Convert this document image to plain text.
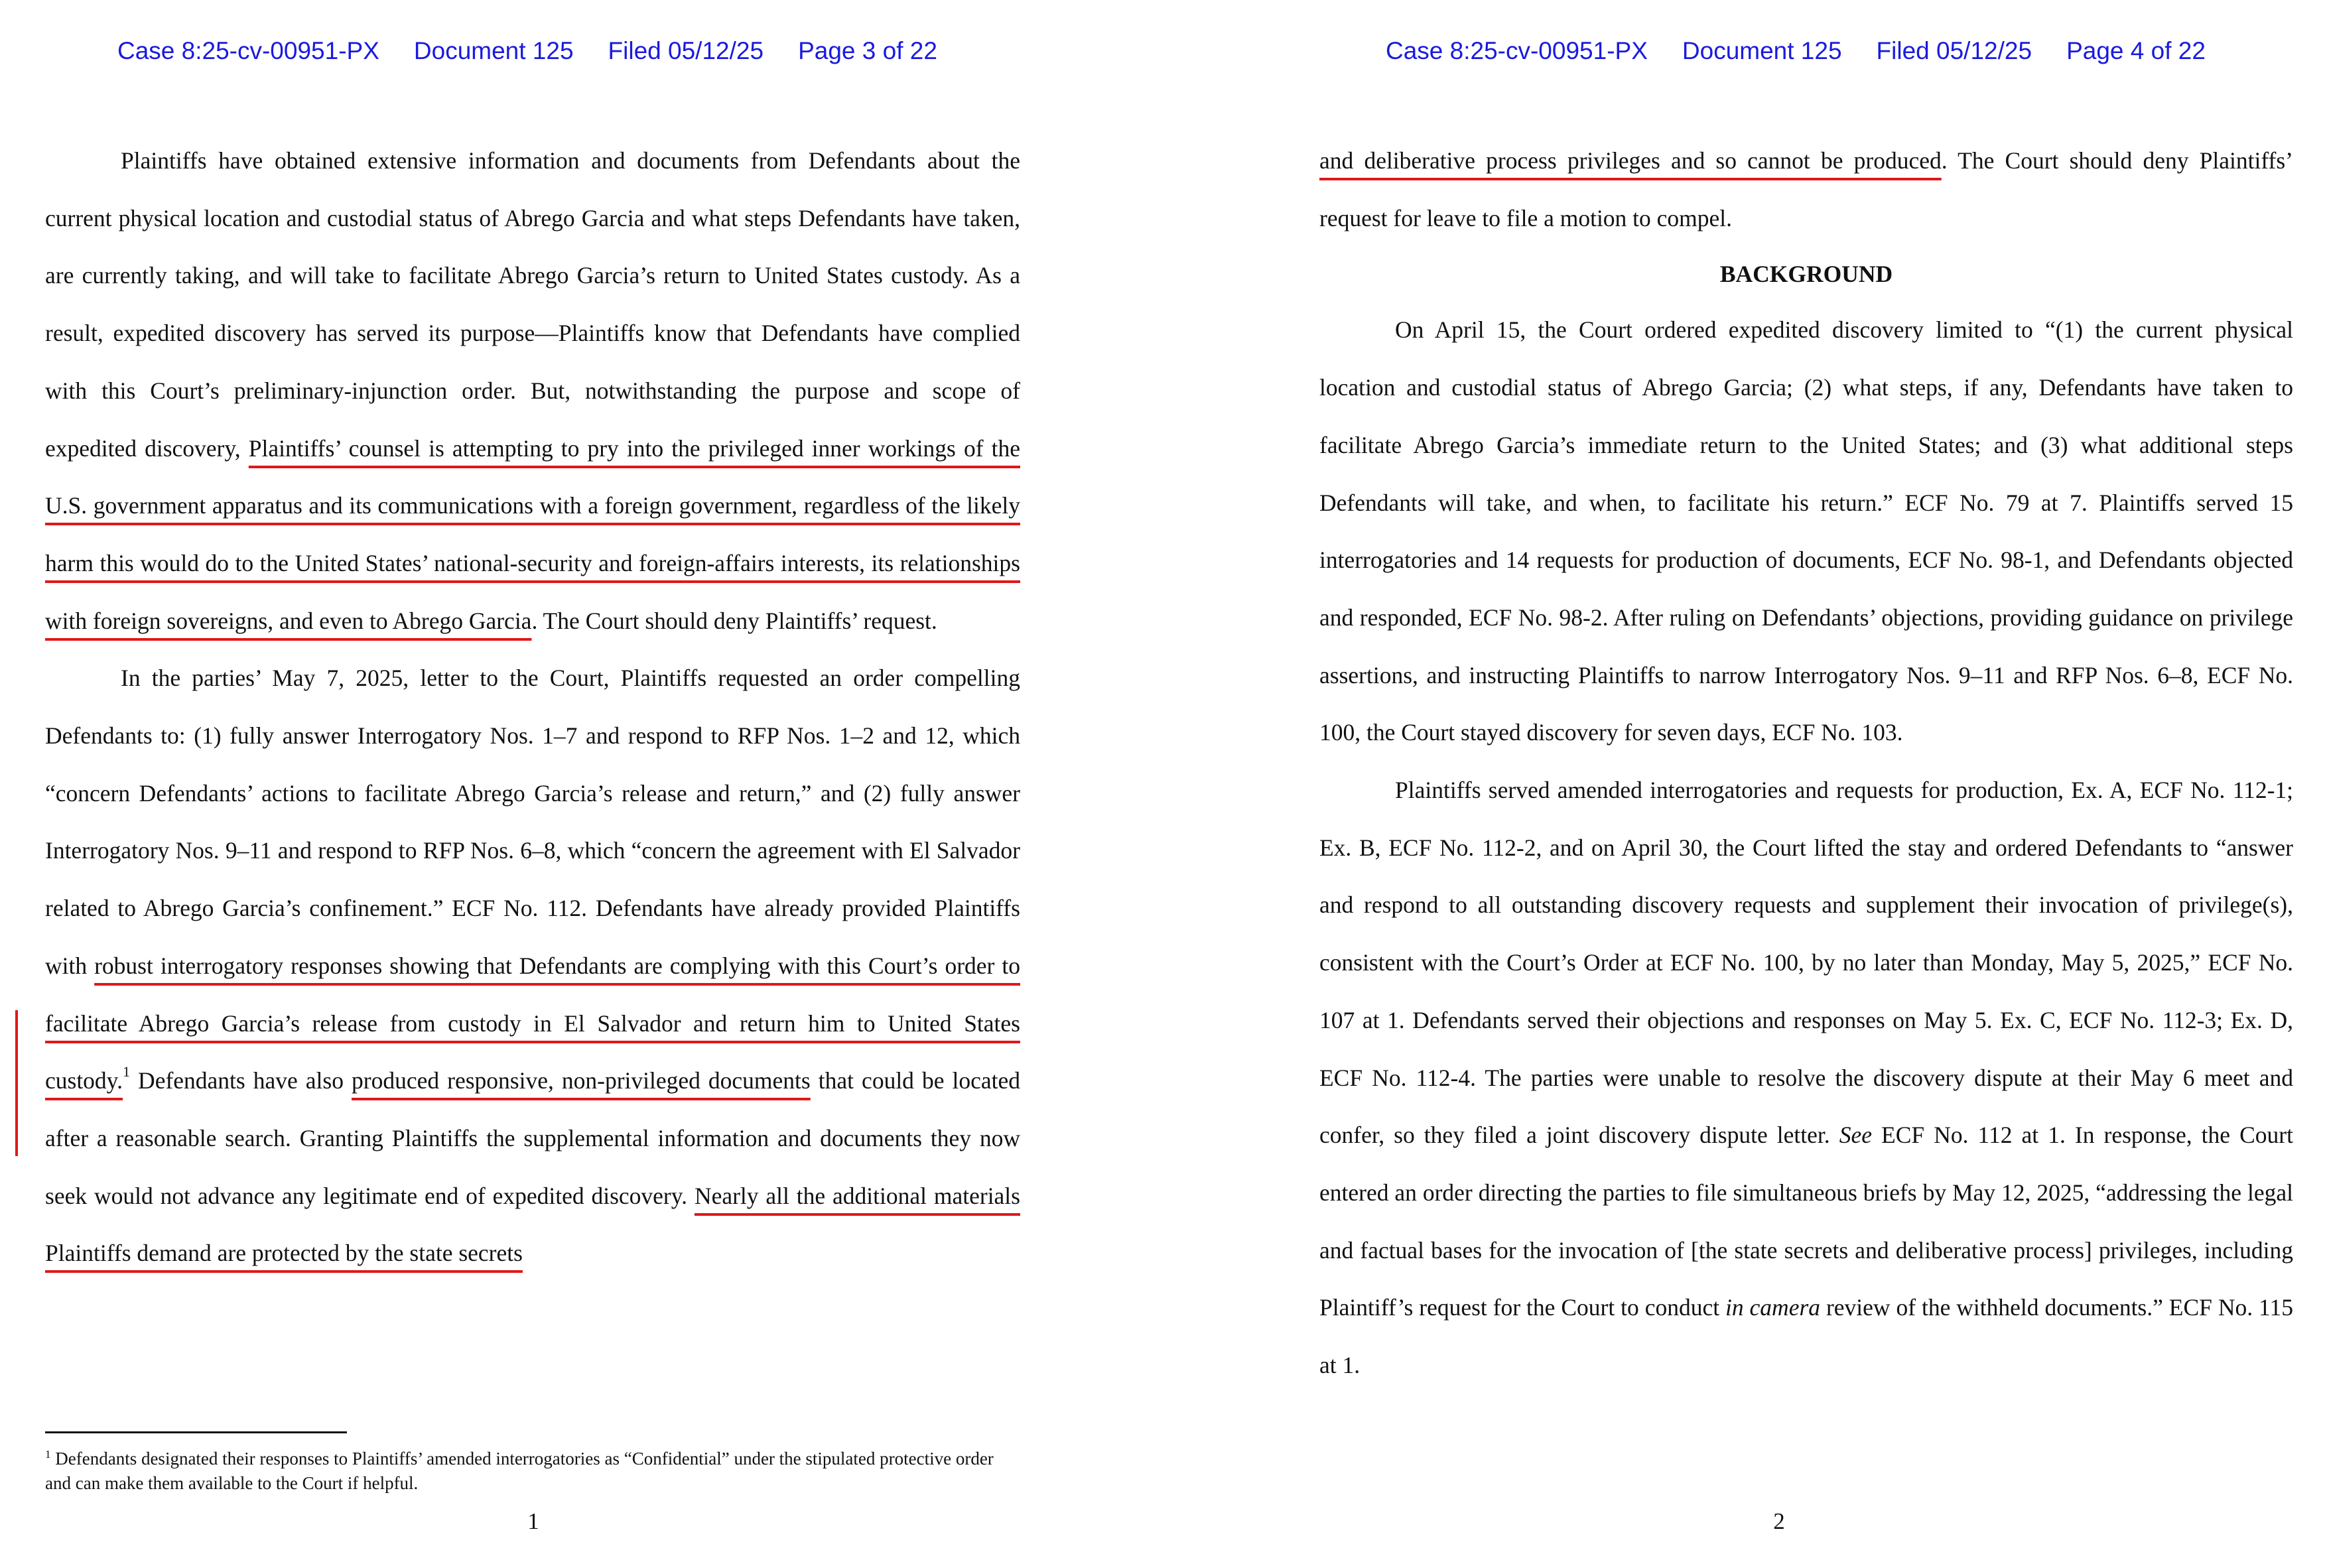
Case 8:25-cv-00951-PX Document 125 Filed 05/12/25 Page 3 of 22

Plaintiffs have obtained extensive information and documents from Defendants about the current physical location and custodial status of Abrego Garcia and what steps Defendants have taken, are currently taking, and will take to facilitate Abrego Garcia’s return to United States custody. As a result, expedited discovery has served its purpose—Plaintiffs know that Defendants have complied with this Court’s preliminary-injunction order. But, notwithstanding the purpose and scope of expedited discovery, Plaintiffs’ counsel is attempting to pry into the privileged inner workings of the U.S. government apparatus and its communications with a foreign government, regardless of the likely harm this would do to the United States’ national-security and foreign-affairs interests, its relationships with foreign sovereigns, and even to Abrego Garcia. The Court should deny Plaintiffs’ request.

In the parties’ May 7, 2025, letter to the Court, Plaintiffs requested an order compelling Defendants to: (1) fully answer Interrogatory Nos. 1–7 and respond to RFP Nos. 1–2 and 12, which “concern Defendants’ actions to facilitate Abrego Garcia’s release and return,” and (2) fully answer Interrogatory Nos. 9–11 and respond to RFP Nos. 6–8, which “concern the agreement with El Salvador related to Abrego Garcia’s confinement.” ECF No. 112. Defendants have already provided Plaintiffs with robust interrogatory responses showing that Defendants are complying with this Court’s order to facilitate Abrego Garcia’s release from custody in El Salvador and return him to United States custody.$^1$ Defendants have also produced responsive, non-privileged documents that could be located after a reasonable search. Granting Plaintiffs the supplemental information and documents they now seek would not advance any legitimate end of expedited discovery. Nearly all the additional materials Plaintiffs demand are protected by the state secrets

$^1$ Defendants designated their responses to Plaintiffs’ amended interrogatories as “Confidential” under the stipulated protective order and can make them available to the Court if helpful.

1
Case 8:25-cv-00951-PX Document 125 Filed 05/12/25 Page 4 of 22

and deliberative process privileges and so cannot be produced. The Court should deny Plaintiffs’ request for leave to file a motion to compel.

BACKGROUND

On April 15, the Court ordered expedited discovery limited to “(1) the current physical location and custodial status of Abrego Garcia; (2) what steps, if any, Defendants have taken to facilitate Abrego Garcia’s immediate return to the United States; and (3) what additional steps Defendants will take, and when, to facilitate his return.” ECF No. 79 at 7. Plaintiffs served 15 interrogatories and 14 requests for production of documents, ECF No. 98-1, and Defendants objected and responded, ECF No. 98-2. After ruling on Defendants’ objections, providing guidance on privilege assertions, and instructing Plaintiffs to narrow Interrogatory Nos. 9–11 and RFP Nos. 6–8, ECF No. 100, the Court stayed discovery for seven days, ECF No. 103.

Plaintiffs served amended interrogatories and requests for production, Ex. A, ECF No. 112-1; Ex. B, ECF No. 112-2, and on April 30, the Court lifted the stay and ordered Defendants to “answer and respond to all outstanding discovery requests and supplement their invocation of privilege(s), consistent with the Court’s Order at ECF No. 100, by no later than Monday, May 5, 2025,” ECF No. 107 at 1. Defendants served their objections and responses on May 5. Ex. C, ECF No. 112-3; Ex. D, ECF No. 112-4. The parties were unable to resolve the discovery dispute at their May 6 meet and confer, so they filed a joint discovery dispute letter. See ECF No. 112 at 1. In response, the Court entered an order directing the parties to file simultaneous briefs by May 12, 2025, “addressing the legal and factual bases for the invocation of [the state secrets and deliberative process] privileges, including Plaintiff’s request for the Court to conduct in camera review of the withheld documents.” ECF No. 115 at 1.

2
